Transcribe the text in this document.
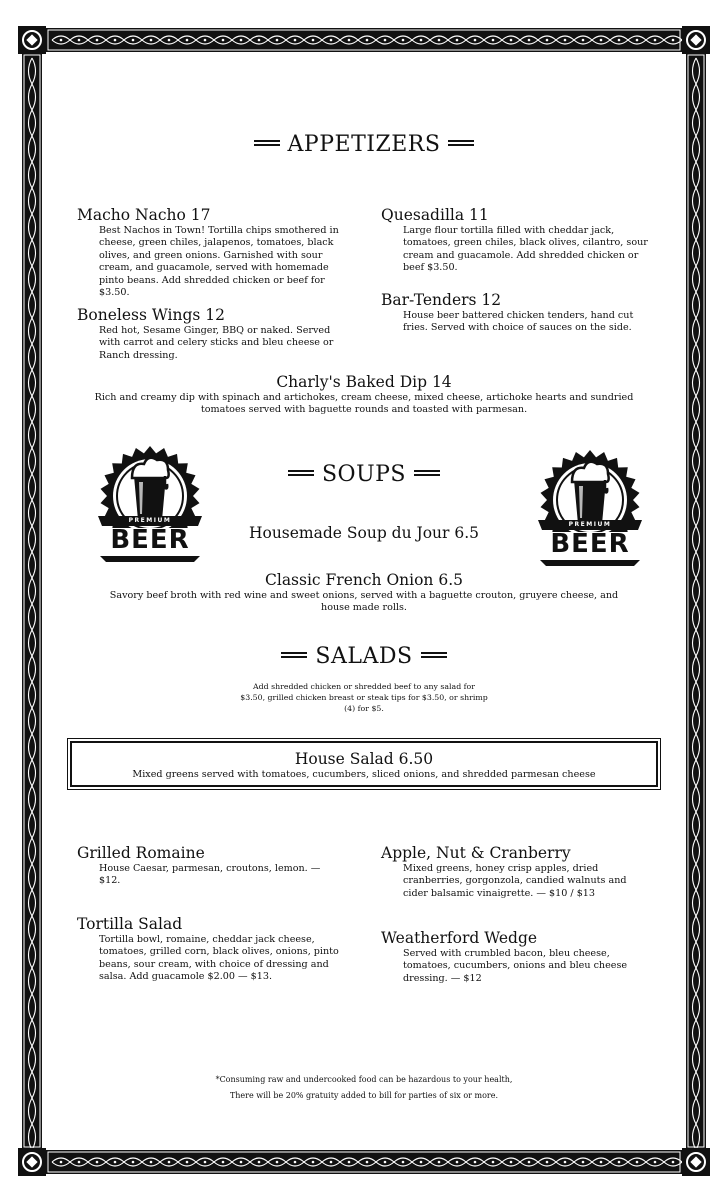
APPETIZERS
Macho Nacho 17
Best Nachos in Town! Tortilla chips smothered in cheese, green chiles, jalapenos, tomatoes, black olives, and green onions. Garnished with sour cream, and guacamole, served with homemade pinto beans. Add shredded chicken or beef for $3.50.
Boneless Wings 12
Red hot, Sesame Ginger, BBQ or naked. Served with carrot and celery sticks and bleu cheese or Ranch dressing.
Quesadilla 11
Large flour tortilla filled with cheddar jack, tomatoes, green chiles, black olives, cilantro, sour cream and guacamole. Add shredded chicken or beef $3.50.
Bar-Tenders 12
House beer battered chicken tenders, hand cut fries. Served with choice of sauces on the side.
Charly's Baked Dip 14
Rich and creamy dip with spinach and artichokes, cream cheese, mixed cheese, artichoke hearts and sundried tomatoes served with baguette rounds and toasted with parmesan.
SOUPS
Housemade Soup du Jour 6.5
Classic French Onion 6.5
Savory beef broth with red wine and sweet onions, served with a baguette crouton, gruyere cheese, and house made rolls.
SALADS
Add shredded chicken or shredded beef to any salad for $3.50, grilled chicken breast or steak tips for $3.50, or shrimp (4) for $5.
House Salad 6.50
Mixed greens served with tomatoes, cucumbers, sliced onions, and shredded parmesan cheese
Grilled Romaine
House Caesar, parmesan, croutons, lemon. — $12.
Tortilla Salad
Tortilla bowl, romaine, cheddar jack cheese, tomatoes, grilled corn, black olives, onions, pinto beans, sour cream, with choice of dressing and salsa. Add guacamole $2.00 — $13.
Apple, Nut & Cranberry
Mixed greens, honey crisp apples, dried cranberries, gorgonzola, candied walnuts and cider balsamic vinaigrette. — $10 / $13
Weatherford Wedge
Served with crumbled bacon, bleu cheese, tomatoes, cucumbers, onions and bleu cheese dressing. — $12
*Consuming raw and undercooked food can be hazardous to your health,
There will be 20% gratuity added to bill for parties of six or more.
PREMIUM
BEER
PREMIUM
BEER
